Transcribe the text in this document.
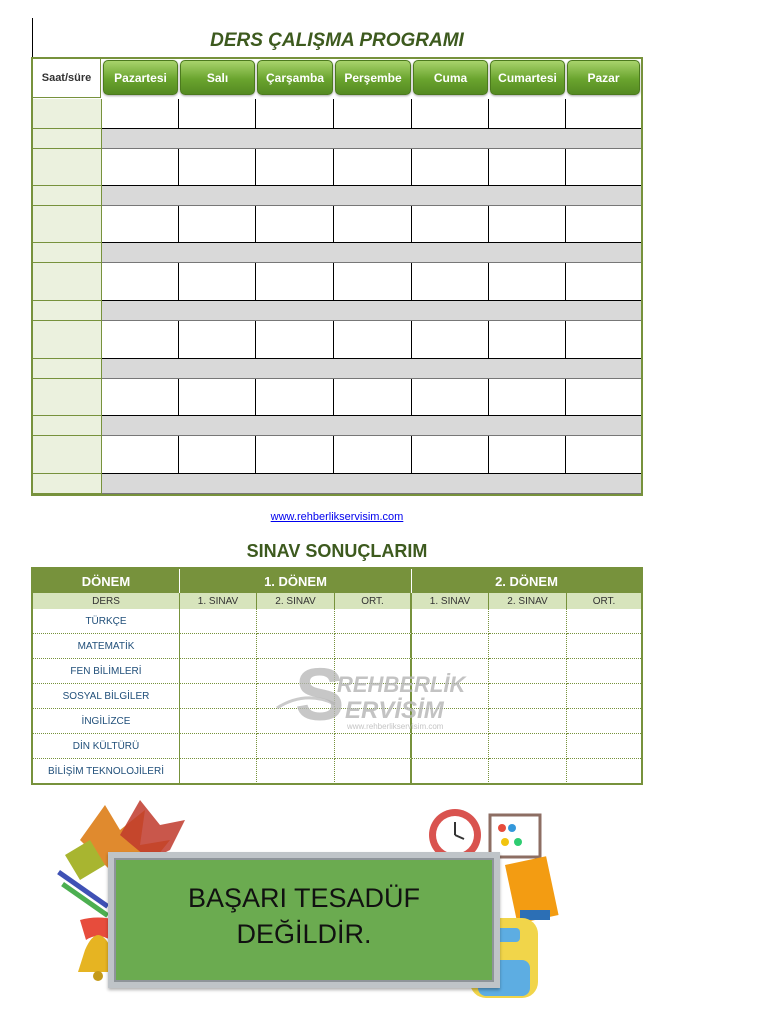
DERS ÇALIŞMA PROGRAMI
Saat/süre	Pazartesi	Salı	Çarşamba	Perşembe	Cuma	Cumartesi	Pazar
www.rehberlikservisim.com
SINAV SONUÇLARIM
DÖNEM	1. DÖNEM	2. DÖNEM
DERS	1. SINAV	2. SINAV	ORT.	1. SINAV	2. SINAV	ORT.
TÜRKÇE
MATEMATİK
FEN BİLİMLERİ
SOSYAL BİLGİLER
İNGİLİZCE
DİN KÜLTÜRÜ
BİLİŞİM TEKNOLOJİLERİ
S
REHBERLİK
ERVİSİM
www.rehberlikservisim.com
BAŞARI TESADÜF
DEĞİLDİR.
